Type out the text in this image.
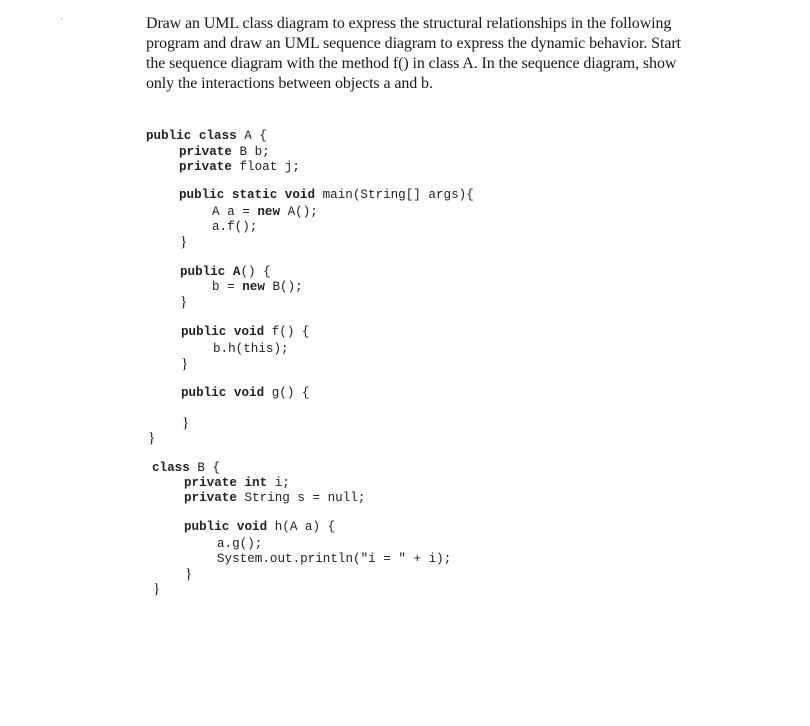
·	Draw an UML class diagram to express the structural relationships in the following
program and draw an UML sequence diagram to express the dynamic behavior. Start
the sequence diagram with the method f() in class A. In the sequence diagram, show
only the interactions between objects a and b.
public class A {
private B b;
private float j;
public static void main(String[] args){
A a = new A();
a.f();
}
public A() {
b = new B();
}
public void f() {
b.h(this);
}
public void g() {
}
}
class B {
private int i;
private String s = null;
public void h(A a) {
a.g();
System.out.println("i = " + i);
}
}
